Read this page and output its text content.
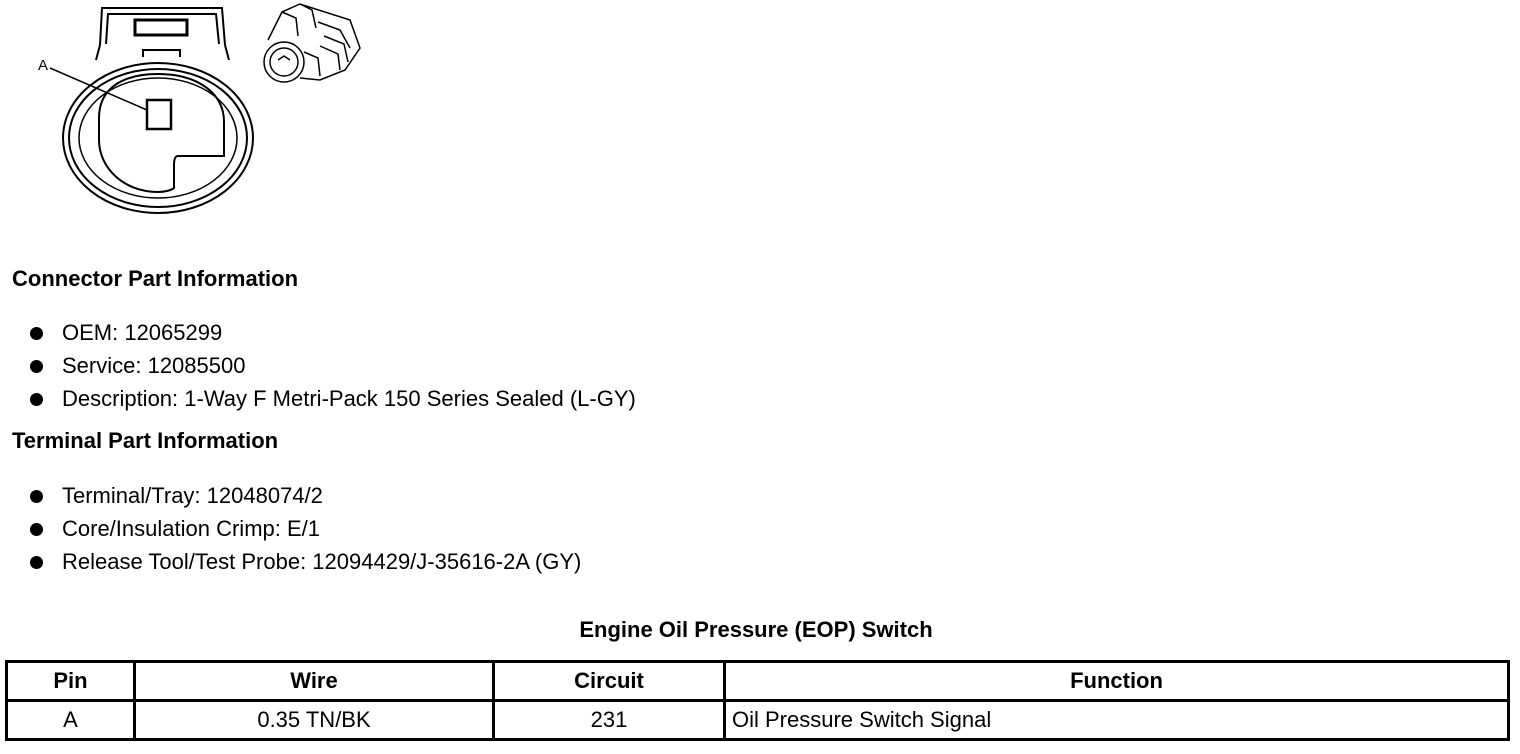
A
Connector Part Information
OEM: 12065299
Service: 12085500
Description: 1-Way F Metri-Pack 150 Series Sealed (L-GY)
Terminal Part Information
Terminal/Tray: 12048074/2
Core/Insulation Crimp: E/1
Release Tool/Test Probe: 12094429/J-35616-2A (GY)
Engine Oil Pressure (EOP) Switch
Pin	Wire	Circuit	Function
A	0.35 TN/BK	231	Oil Pressure Switch Signal
